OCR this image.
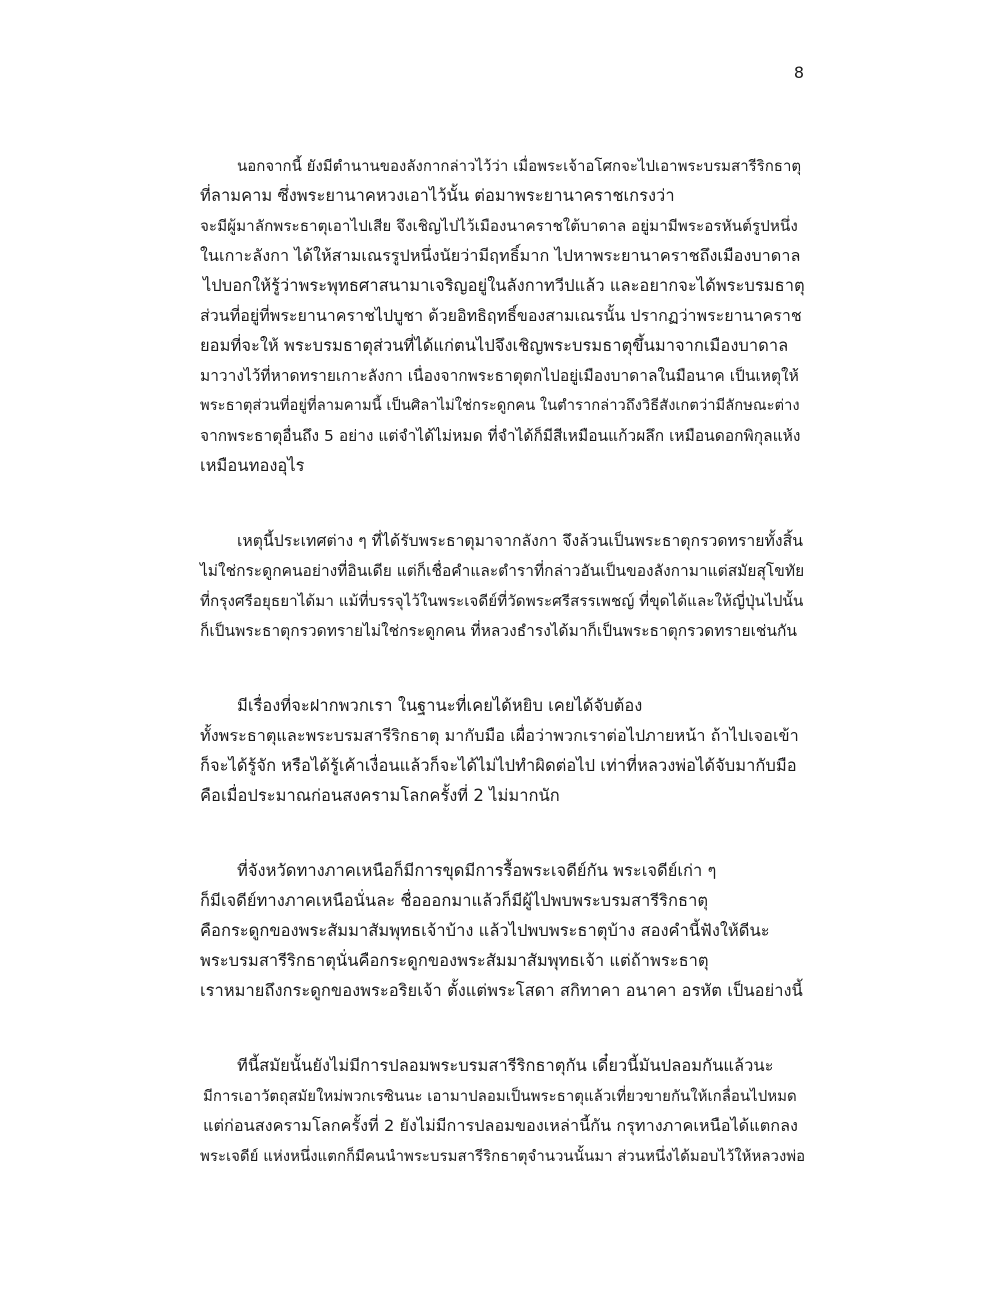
8
นอกจากนี้ ยังมีตำนานของลังกากล่าวไว้ว่า เมื่อพระเจ้าอโศกจะไปเอาพระบรมสารีริกธาตุ
ที่ลามคาม ซึ่งพระยานาคหวงเอาไว้นั้น ต่อมาพระยานาคราชเกรงว่า
จะมีผู้มาลักพระธาตุเอาไปเสีย จึงเชิญไปไว้เมืองนาคราชใต้บาดาล อยู่มามีพระอรหันต์รูปหนึ่ง
ในเกาะลังกา ได้ให้สามเณรรูปหนึ่งนัยว่ามีฤทธิ์มาก ไปหาพระยานาคราชถึงเมืองบาดาล
ไปบอกให้รู้ว่าพระพุทธศาสนามาเจริญอยู่ในลังกาทวีปแล้ว และอยากจะได้พระบรมธาตุ
ส่วนที่อยู่ที่พระยานาคราชไปบูชา ด้วยอิทธิฤทธิ์ของสามเณรนั้น ปรากฏว่าพระยานาคราช
ยอมที่จะให้ พระบรมธาตุส่วนที่ได้แก่ตนไปจึงเชิญพระบรมธาตุขึ้นมาจากเมืองบาดาล
มาวางไว้ที่หาดทรายเกาะลังกา เนื่องจากพระธาตุตกไปอยู่เมืองบาดาลในมือนาค เป็นเหตุให้
พระธาตุส่วนที่อยู่ที่ลามคามนี้ เป็นศิลาไม่ใช่กระดูกคน ในตำรากล่าวถึงวิธีสังเกตว่ามีลักษณะต่าง
จากพระธาตุอื่นถึง 5 อย่าง แต่จำได้ไม่หมด ที่จำได้ก็มีสีเหมือนแก้วผลึก เหมือนดอกพิกุลแห้ง
เหมือนทองอุไร
เหตุนี้ประเทศต่าง ๆ ที่ได้รับพระธาตุมาจากลังกา จึงล้วนเป็นพระธาตุกรวดทรายทั้งสิ้น
ไม่ใช่กระดูกคนอย่างที่อินเดีย แต่ก็เชื่อคำและตำราที่กล่าวอันเป็นของลังกามาแต่สมัยสุโขทัย
ที่กรุงศรีอยุธยาได้มา แม้ที่บรรจุไว้ในพระเจดีย์ที่วัดพระศรีสรรเพชญ์ ที่ขุดได้และให้ญี่ปุ่นไปนั้น
ก็เป็นพระธาตุกรวดทรายไม่ใช่กระดูกคน ที่หลวงธำรงได้มาก็เป็นพระธาตุกรวดทรายเช่นกัน
มีเรื่องที่จะฝากพวกเรา ในฐานะที่เคยได้หยิบ เคยได้จับต้อง
ทั้งพระธาตุและพระบรมสารีริกธาตุ มากับมือ เผื่อว่าพวกเราต่อไปภายหน้า ถ้าไปเจอเข้า
ก็จะได้รู้จัก หรือได้รู้เค้าเงื่อนแล้วก็จะได้ไม่ไปทำผิดต่อไป เท่าที่หลวงพ่อได้จับมากับมือ
คือเมื่อประมาณก่อนสงครามโลกครั้งที่ 2 ไม่มากนัก
ที่จังหวัดทางภาคเหนือก็มีการขุดมีการรื้อพระเจดีย์กัน พระเจดีย์เก่า ๆ
ก็มีเจดีย์ทางภาคเหนือนั่นละ ชื่อออกมาแล้วก็มีผู้ไปพบพระบรมสารีริกธาตุ
คือกระดูกของพระสัมมาสัมพุทธเจ้าบ้าง แล้วไปพบพระธาตุบ้าง สองคำนี้ฟังให้ดีนะ
พระบรมสารีริกธาตุนั่นคือกระดูกของพระสัมมาสัมพุทธเจ้า แต่ถ้าพระธาตุ
เราหมายถึงกระดูกของพระอริยเจ้า ตั้งแต่พระโสดา สกิทาคา อนาคา อรหัต เป็นอย่างนี้
ทีนี้สมัยนั้นยังไม่มีการปลอมพระบรมสารีริกธาตุกัน เดี๋ยวนี้มันปลอมกันแล้วนะ
มีการเอาวัตถุสมัยใหม่พวกเรซินนะ เอามาปลอมเป็นพระธาตุแล้วเที่ยวขายกันให้เกลื่อนไปหมด
แต่ก่อนสงครามโลกครั้งที่ 2 ยังไม่มีการปลอมของเหล่านี้กัน กรุทางภาคเหนือได้แตกลง
พระเจดีย์ แห่งหนึ่งแตกก็มีคนนำพระบรมสารีริกธาตุจำนวนนั้นมา ส่วนหนึ่งได้มอบไว้ให้หลวงพ่อ
